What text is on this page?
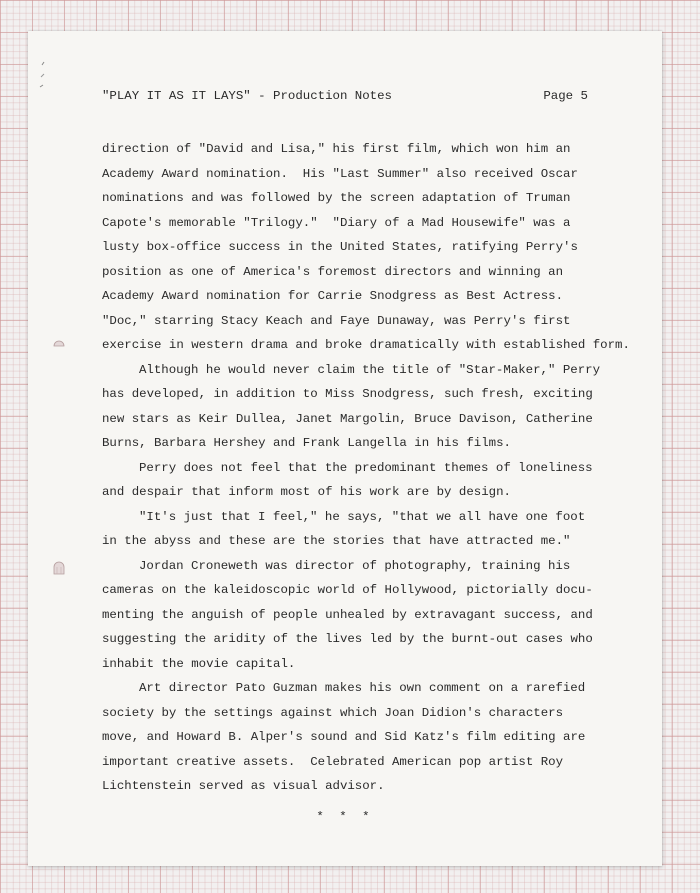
"PLAY IT AS IT LAYS" - Production Notes	Page 5
direction of "David and Lisa," his first film, which won him an
Academy Award nomination.  His "Last Summer" also received Oscar
nominations and was followed by the screen adaptation of Truman
Capote's memorable "Trilogy."  "Diary of a Mad Housewife" was a
lusty box-office success in the United States, ratifying Perry's
position as one of America's foremost directors and winning an
Academy Award nomination for Carrie Snodgress as Best Actress.
"Doc," starring Stacy Keach and Faye Dunaway, was Perry's first
exercise in western drama and broke dramatically with established form.
Although he would never claim the title of "Star-Maker," Perry
has developed, in addition to Miss Snodgress, such fresh, exciting
new stars as Keir Dullea, Janet Margolin, Bruce Davison, Catherine
Burns, Barbara Hershey and Frank Langella in his films.
Perry does not feel that the predominant themes of loneliness
and despair that inform most of his work are by design.
"It's just that I feel," he says, "that we all have one foot
in the abyss and these are the stories that have attracted me."
Jordan Croneweth was director of photography, training his
cameras on the kaleidoscopic world of Hollywood, pictorially docu-
menting the anguish of people unhealed by extravagant success, and
suggesting the aridity of the lives led by the burnt-out cases who
inhabit the movie capital.
Art director Pato Guzman makes his own comment on a rarefied
society by the settings against which Joan Didion's characters
move, and Howard B. Alper's sound and Sid Katz's film editing are
important creative assets.  Celebrated American pop artist Roy
Lichtenstein served as visual advisor.
* * *
